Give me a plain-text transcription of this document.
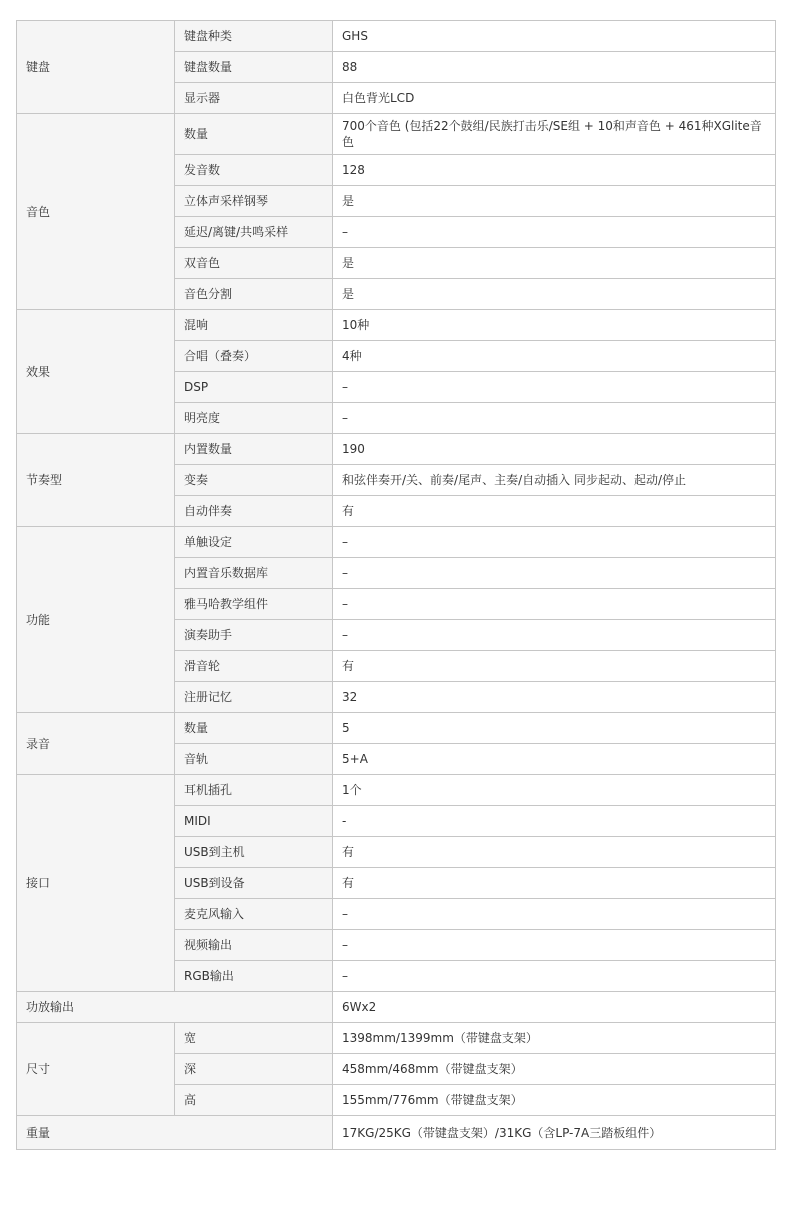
键盘	键盘种类	GHS
	键盘数量	88
	显示器	白色背光LCD
音色	数量	700个音色 (包括22个鼓组/民族打击乐/SE组 + 10和声音色 + 461种XGlite音色
	发音数	128
	立体声采样钢琴	是
	延迟/离键/共鸣采样	–
	双音色	是
	音色分割	是
效果	混响	10种
	合唱（叠奏）	4种
	DSP	–
	明亮度	–
节奏型	内置数量	190
	变奏	和弦伴奏开/关、前奏/尾声、主奏/自动插入 同步起动、起动/停止
	自动伴奏	有
功能	单触设定	–
	内置音乐数据库	–
	雅马哈教学组件	–
	演奏助手	–
	滑音轮	有
	注册记忆	32
录音	数量	5
	音轨	5+A
接口	耳机插孔	1个
	MIDI	-
	USB到主机	有
	USB到设备	有
	麦克风输入	–
	视频输出	–
	RGB输出	–
功放输出		6Wx2
尺寸	宽	1398mm/1399mm（带键盘支架）
	深	458mm/468mm（带键盘支架）
	高	155mm/776mm（带键盘支架）
重量		17KG/25KG（带键盘支架）/31KG（含LP-7A三踏板组件）
